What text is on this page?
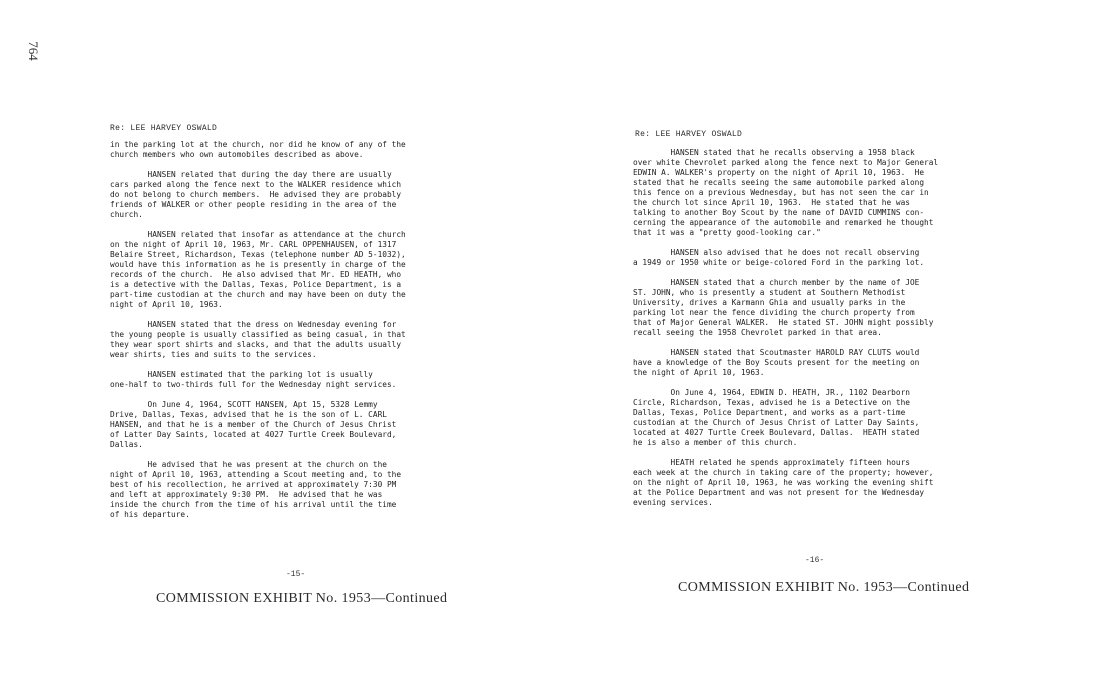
764
Re: LEE HARVEY OSWALD
in the parking lot at the church, nor did he know of any of the
church members who own automobiles described as above.

HANSEN related that during the day there are usually
cars parked along the fence next to the WALKER residence which
do not belong to church members.  He advised they are probably
friends of WALKER or other people residing in the area of the
church.

HANSEN related that insofar as attendance at the church
on the night of April 10, 1963, Mr. CARL OPPENHAUSEN, of 1317
Belaire Street, Richardson, Texas (telephone number AD 5-1032),
would have this information as he is presently in charge of the
records of the church.  He also advised that Mr. ED HEATH, who
is a detective with the Dallas, Texas, Police Department, is a
part-time custodian at the church and may have been on duty the
night of April 10, 1963.

HANSEN stated that the dress on Wednesday evening for
the young people is usually classified as being casual, in that
they wear sport shirts and slacks, and that the adults usually
wear shirts, ties and suits to the services.

HANSEN estimated that the parking lot is usually
one-half to two-thirds full for the Wednesday night services.

On June 4, 1964, SCOTT HANSEN, Apt 15, 5328 Lemmy
Drive, Dallas, Texas, advised that he is the son of L. CARL
HANSEN, and that he is a member of the Church of Jesus Christ
of Latter Day Saints, located at 4027 Turtle Creek Boulevard,
Dallas.

He advised that he was present at the church on the
night of April 10, 1963, attending a Scout meeting and, to the
best of his recollection, he arrived at approximately 7:30 PM
and left at approximately 9:30 PM.  He advised that he was
inside the church from the time of his arrival until the time
of his departure.
-15-
COMMISSION EXHIBIT No. 1953—Continued
Re: LEE HARVEY OSWALD
HANSEN stated that he recalls observing a 1958 black
over white Chevrolet parked along the fence next to Major General
EDWIN A. WALKER's property on the night of April 10, 1963.  He
stated that he recalls seeing the same automobile parked along
this fence on a previous Wednesday, but has not seen the car in
the church lot since April 10, 1963.  He stated that he was
talking to another Boy Scout by the name of DAVID CUMMINS con-
cerning the appearance of the automobile and remarked he thought
that it was a "pretty good-looking car."

HANSEN also advised that he does not recall observing
a 1949 or 1950 white or beige-colored Ford in the parking lot.

HANSEN stated that a church member by the name of JOE
ST. JOHN, who is presently a student at Southern Methodist
University, drives a Karmann Ghia and usually parks in the
parking lot near the fence dividing the church property from
that of Major General WALKER.  He stated ST. JOHN might possibly
recall seeing the 1958 Chevrolet parked in that area.

HANSEN stated that Scoutmaster HAROLD RAY CLUTS would
have a knowledge of the Boy Scouts present for the meeting on
the night of April 10, 1963.

On June 4, 1964, EDWIN D. HEATH, JR., 1102 Dearborn
Circle, Richardson, Texas, advised he is a Detective on the
Dallas, Texas, Police Department, and works as a part-time
custodian at the Church of Jesus Christ of Latter Day Saints,
located at 4027 Turtle Creek Boulevard, Dallas.  HEATH stated
he is also a member of this church.

HEATH related he spends approximately fifteen hours
each week at the church in taking care of the property; however,
on the night of April 10, 1963, he was working the evening shift
at the Police Department and was not present for the Wednesday
evening services.
-16-
COMMISSION EXHIBIT No. 1953—Continued
